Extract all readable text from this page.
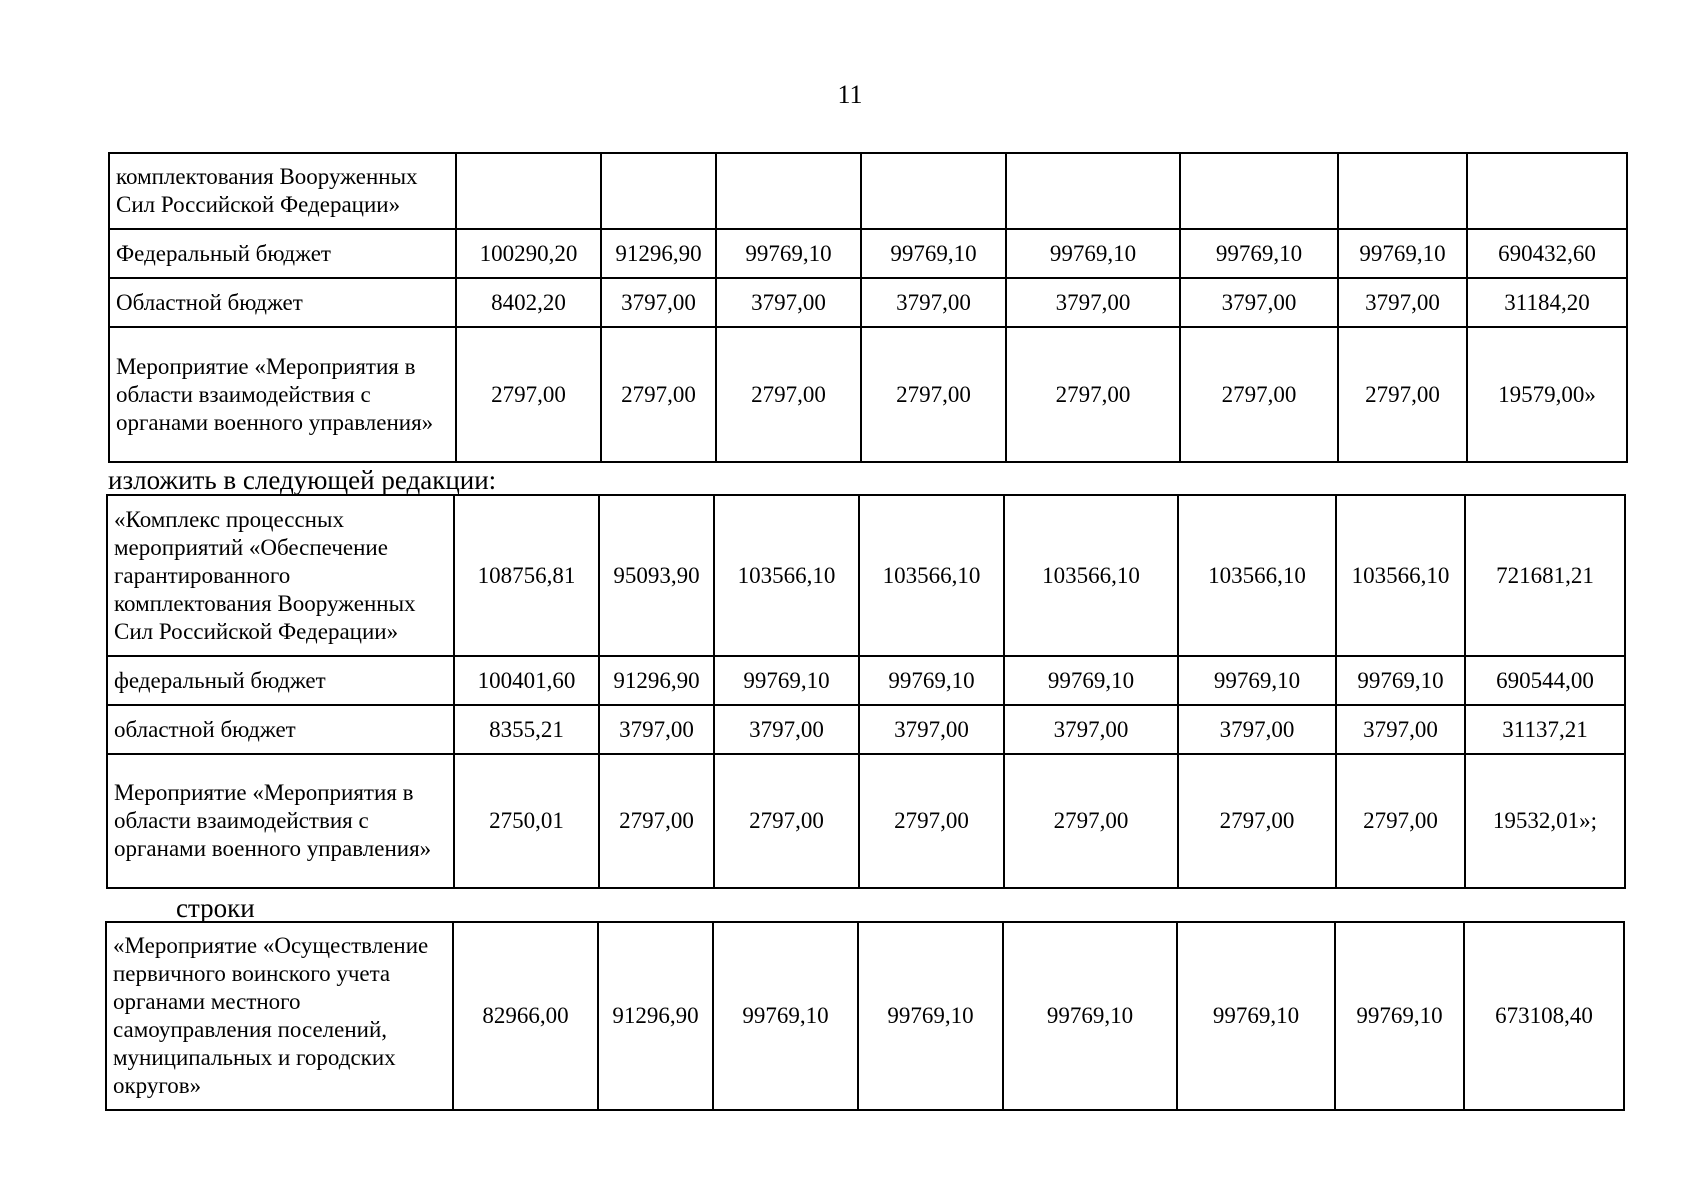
11
комплектования Вооруженных Сил Российской Федерации»								
Федеральный бюджет	100290,20	91296,90	99769,10	99769,10	99769,10	99769,10	99769,10	690432,60
Областной бюджет	8402,20	3797,00	3797,00	3797,00	3797,00	3797,00	3797,00	31184,20
Мероприятие «Мероприятия в области взаимодействия с органами военного управления»	2797,00	2797,00	2797,00	2797,00	2797,00	2797,00	2797,00	19579,00»
изложить в следующей редакции:
«Комплекс процессных мероприятий «Обеспечение гарантированного комплектования Вооруженных Сил Российской Федерации»	108756,81	95093,90	103566,10	103566,10	103566,10	103566,10	103566,10	721681,21
федеральный бюджет	100401,60	91296,90	99769,10	99769,10	99769,10	99769,10	99769,10	690544,00
областной бюджет	8355,21	3797,00	3797,00	3797,00	3797,00	3797,00	3797,00	31137,21
Мероприятие «Мероприятия в области взаимодействия с органами военного управления»	2750,01	2797,00	2797,00	2797,00	2797,00	2797,00	2797,00	19532,01»;
строки
«Мероприятие «Осуществление первичного воинского учета органами местного самоуправления поселений, муниципальных и городских округов»	82966,00	91296,90	99769,10	99769,10	99769,10	99769,10	99769,10	673108,40
